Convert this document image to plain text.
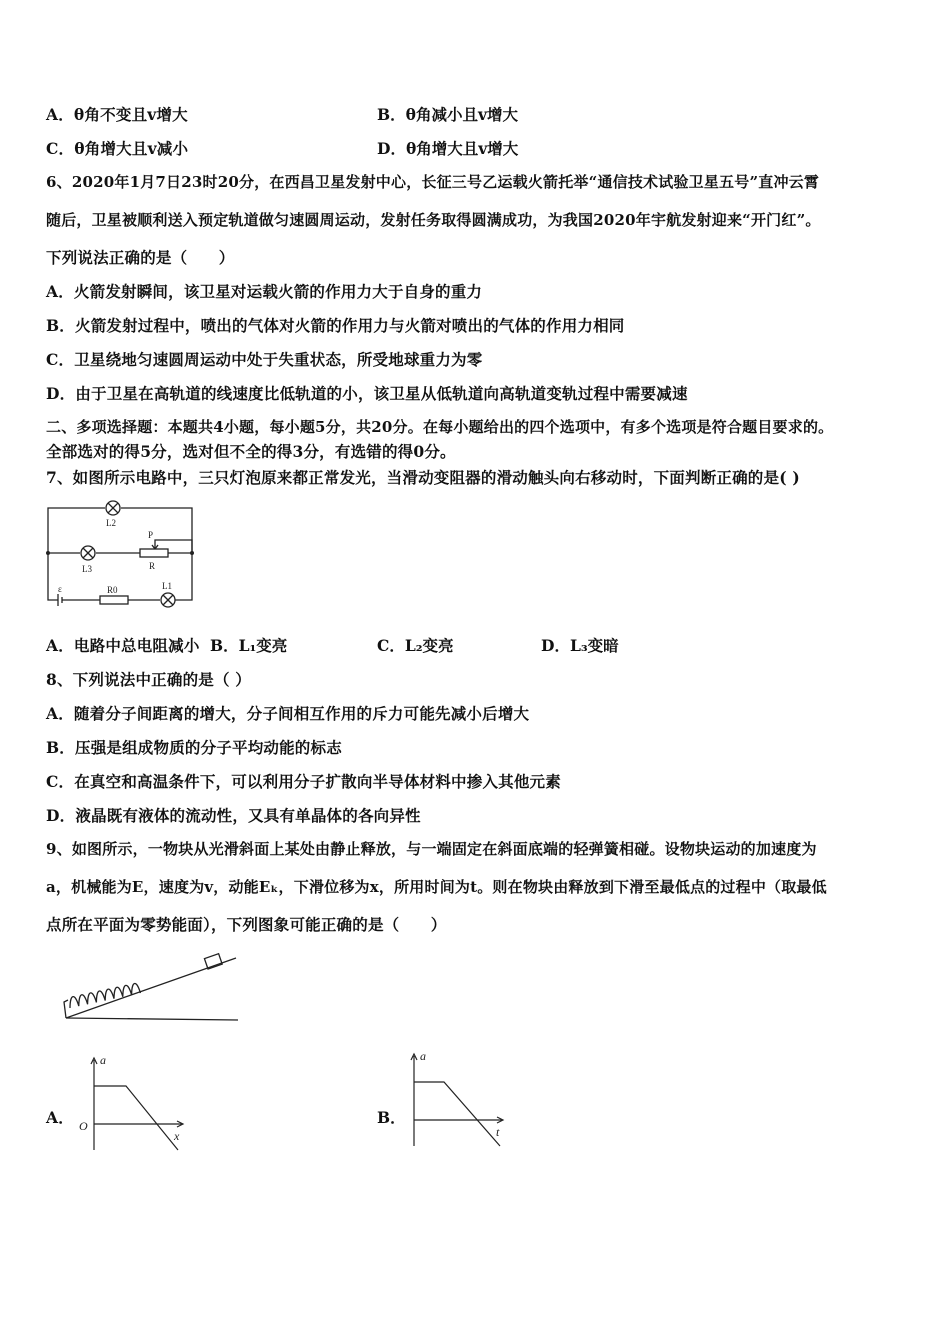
A．θ角不变且v增大	B．θ角减小且v增大
C．θ角增大且v减小	D．θ角增大且v增大
6、2020年1月7日23时20分，在西昌卫星发射中心，长征三号乙运载火箭托举“通信技术试验卫星五号”直冲云霄
随后，卫星被顺利送入预定轨道做匀速圆周运动，发射任务取得圆满成功，为我国2020年宇航发射迎来“开门红”。
下列说法正确的是（　　）
A．火箭发射瞬间，该卫星对运载火箭的作用力大于自身的重力
B．火箭发射过程中，喷出的气体对火箭的作用力与火箭对喷出的气体的作用力相同
C．卫星绕地匀速圆周运动中处于失重状态，所受地球重力为零
D．由于卫星在高轨道的线速度比低轨道的小，该卫星从低轨道向高轨道变轨过程中需要减速
二、多项选择题：本题共4小题，每小题5分，共20分。在每小题给出的四个选项中，有多个选项是符合题目要求的。
全部选对的得5分，选对但不全的得3分，有选错的得0分。
7、如图所示电路中，三只灯泡原来都正常发光，当滑动变阻器的滑动触头向右移动时，下面判断正确的是( )
L2
L3
P
R
ε	R0	L1
A．电路中总电阻减小 B．L₁变亮	C．L₂变亮	D．L₃变暗
8、下列说法中正确的是（ ）
A．随着分子间距离的增大，分子间相互作用的斥力可能先减小后增大
B．压强是组成物质的分子平均动能的标志
C．在真空和高温条件下，可以利用分子扩散向半导体材料中掺入其他元素
D．液晶既有液体的流动性，又具有单晶体的各向异性
9、如图所示，一物块从光滑斜面上某处由静止释放，与一端固定在斜面底端的轻弹簧相碰。设物块运动的加速度为
a，机械能为E，速度为v，动能Eₖ，下滑位移为x，所用时间为t。则在物块由释放到下滑至最低点的过程中（取最低
点所在平面为零势能面），下列图象可能正确的是（　　）
A．
a
x
O	B．
a
t
